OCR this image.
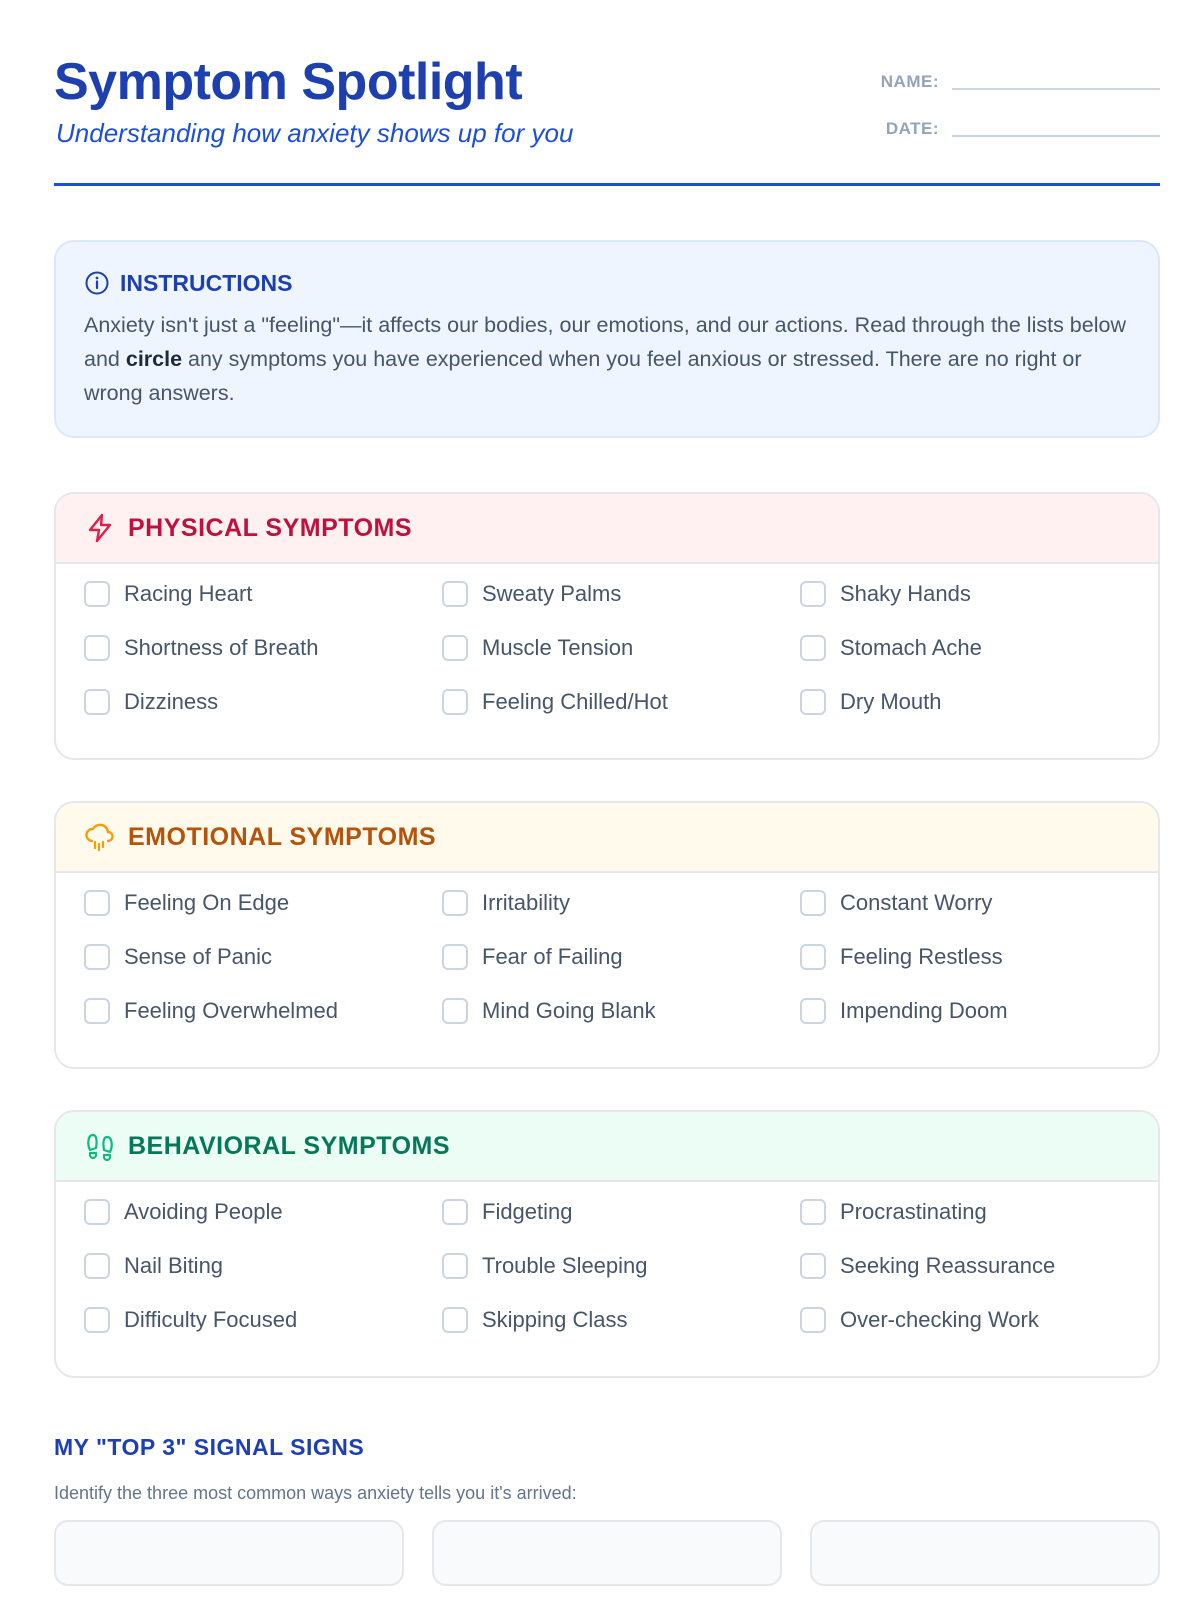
Symptom Spotlight
Understanding how anxiety shows up for you
NAME:
DATE:
INSTRUCTIONS

Anxiety isn't just a "feeling"—it affects our bodies, our emotions, and our actions. Read through the lists below and circle any symptoms you have experienced when you feel anxious or stressed. There are no right or wrong answers.

PHYSICAL SYMPTOMS
Racing Heart	Sweaty Palms	Shaky Hands
Shortness of Breath	Muscle Tension	Stomach Ache
Dizziness	Feeling Chilled/Hot	Dry Mouth
EMOTIONAL SYMPTOMS
Feeling On Edge	Irritability	Constant Worry
Sense of Panic	Fear of Failing	Feeling Restless
Feeling Overwhelmed	Mind Going Blank	Impending Doom
BEHAVIORAL SYMPTOMS
Avoiding People	Fidgeting	Procrastinating
Nail Biting	Trouble Sleeping	Seeking Reassurance
Difficulty Focused	Skipping Class	Over-checking Work
MY "TOP 3" SIGNAL SIGNS
Identify the three most common ways anxiety tells you it's arrived:
